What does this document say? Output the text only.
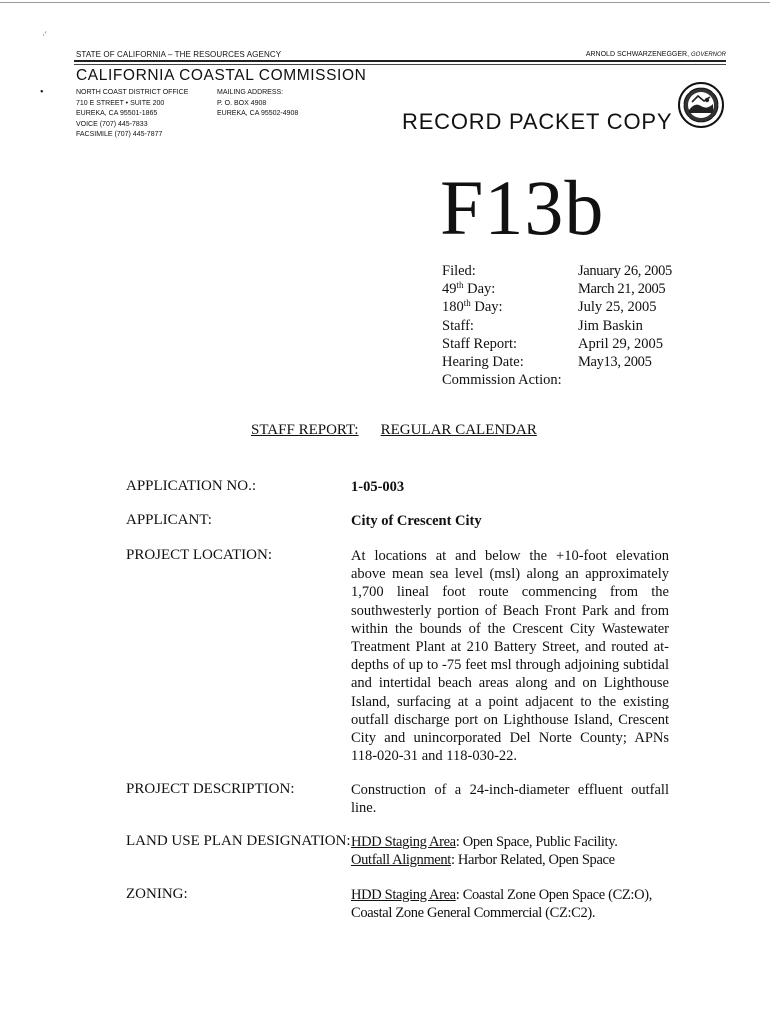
·'
•
STATE OF CALIFORNIA – THE RESOURCES AGENCY	ARNOLD SCHWARZENEGGER, GOVERNOR
CALIFORNIA COASTAL COMMISSION
NORTH COAST DISTRICT OFFICE
710 E STREET • SUITE 200
EUREKA, CA 95501-1865
VOICE (707) 445-7833
FACSIMILE (707) 445-7877
MAILING ADDRESS:
P. O. BOX 4908
EUREKA, CA 95502-4908	RECORD PACKET COPY
F13b
Filed:	January 26, 2005
49th Day:	March 21, 2005
180th Day:	July 25, 2005
Staff:	Jim Baskin
Staff Report:	April 29, 2005
Hearing Date:	May13, 2005
Commission Action:
STAFF REPORT: REGULAR CALENDAR
APPLICATION NO.:	1-05-003
APPLICANT:	City of Crescent City
PROJECT LOCATION:	At locations at and below the +10-foot elevation above mean sea level (msl) along an approximately 1,700 lineal foot route commencing from the southwesterly portion of Beach Front Park and from within the bounds of the Crescent City Wastewater Treatment Plant at 210 Battery Street, and routed at-depths of up to -75 feet msl through adjoining subtidal and intertidal beach areas along and on Lighthouse Island, surfacing at a point adjacent to the existing outfall discharge port on Lighthouse Island, Crescent City and unincorporated Del Norte County; APNs 118-020-31 and 118-030-22.
PROJECT DESCRIPTION:	Construction of a 24-inch-diameter effluent outfall line.
LAND USE PLAN DESIGNATION: HDD Staging Area: Open Space, Public Facility.
Outfall Alignment: Harbor Related, Open Space
ZONING:	HDD Staging Area: Coastal Zone Open Space (CZ:O), Coastal Zone General Commercial (CZ:C2).
